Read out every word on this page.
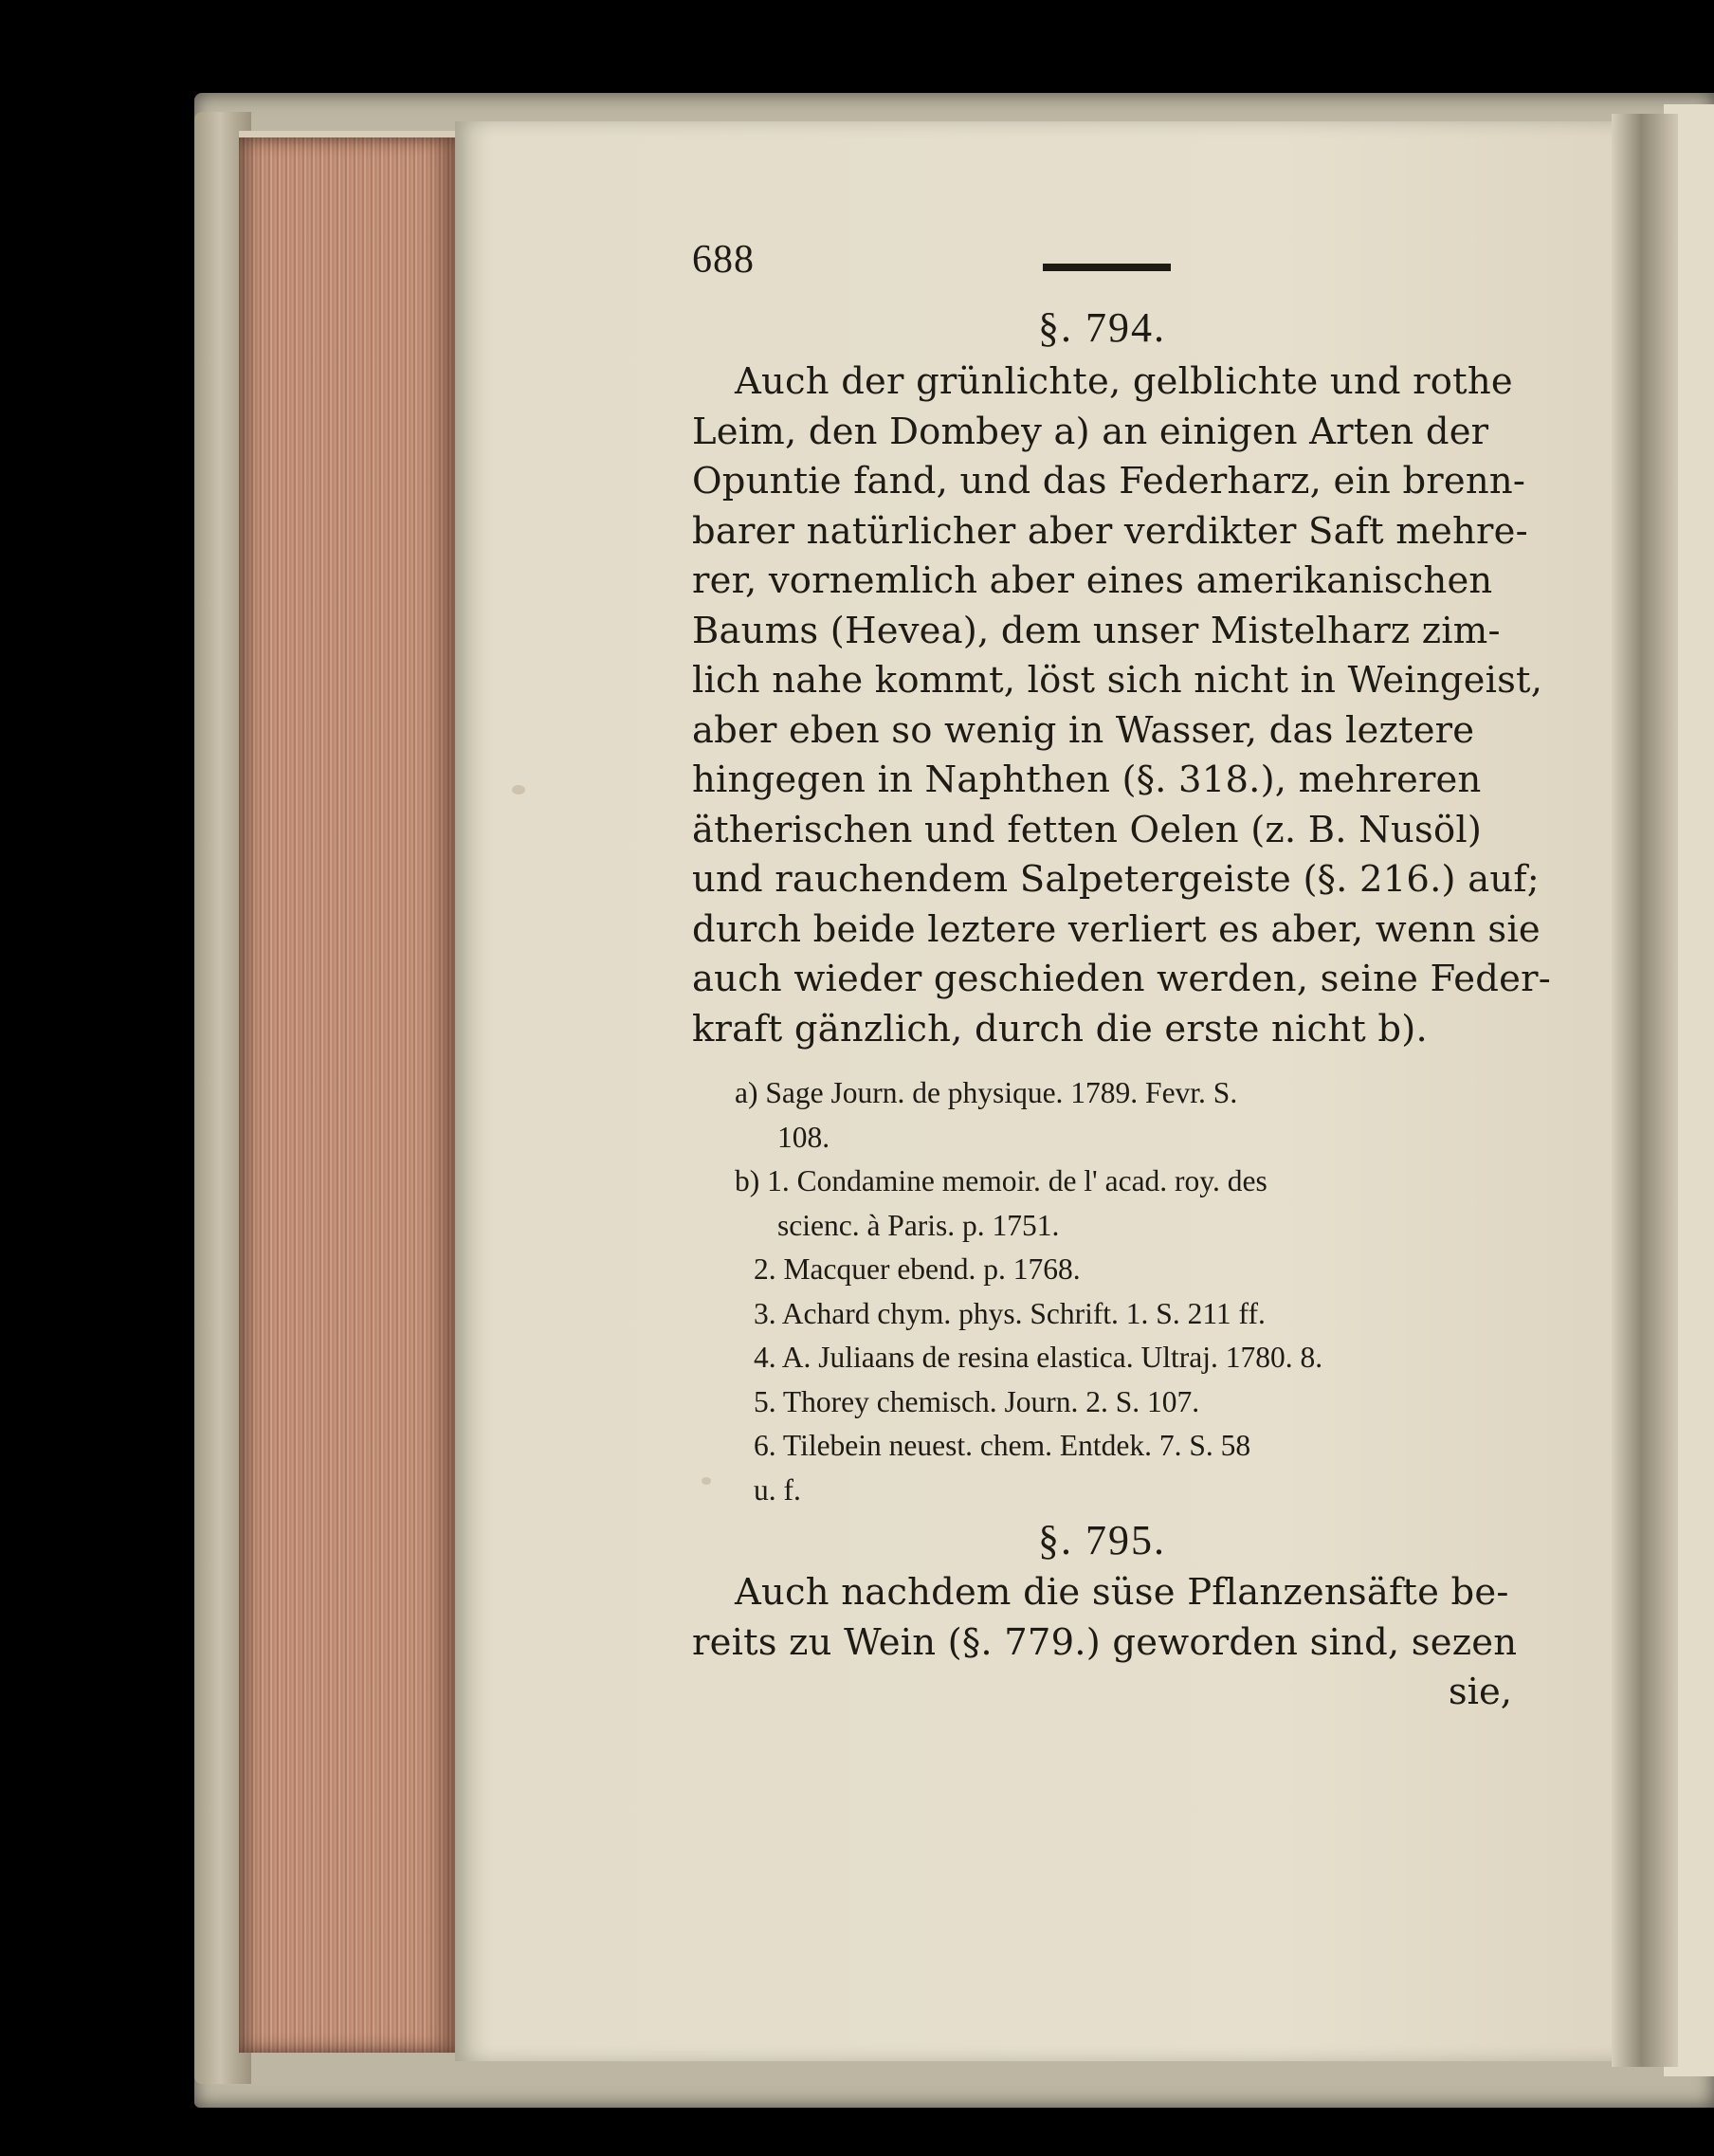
688
§. 794.
Auch der grünlichte, gelblichte und rothe
Leim, den Dombey a) an einigen Arten der
Opuntie fand, und das Federharz, ein brenn-
barer natürlicher aber verdikter Saft mehre-
rer, vornemlich aber eines amerikanischen
Baums (Hevea), dem unser Mistelharz zim-
lich nahe kommt, löst sich nicht in Weingeist,
aber eben so wenig in Wasser, das leztere
hingegen in Naphthen (§. 318.), mehreren
ätherischen und fetten Oelen (z. B. Nusöl)
und rauchendem Salpetergeiste (§. 216.) auf;
durch beide leztere verliert es aber, wenn sie
auch wieder geschieden werden, seine Feder-
kraft gänzlich, durch die erste nicht b).
a) Sage Journ. de physique. 1789. Fevr. S.
108.
b) 1. Condamine memoir. de l' acad. roy. des
scienc. à Paris. p. 1751.
2. Macquer ebend. p. 1768.
3. Achard chym. phys. Schrift. 1. S. 211 ff.
4. A. Juliaans de resina elastica. Ultraj. 1780. 8.
5. Thorey chemisch. Journ. 2. S. 107.
6. Tilebein neuest. chem. Entdek. 7. S. 58
u. f.
§. 795.
Auch nachdem die süse Pflanzensäfte be-
reits zu Wein (§. 779.) geworden sind, sezen
sie,
